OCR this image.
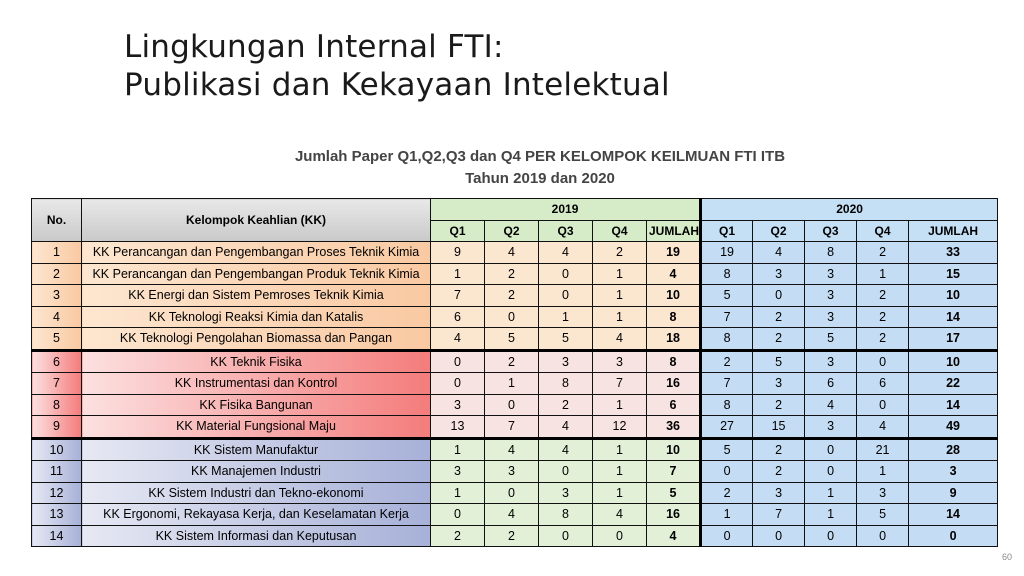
Lingkungan Internal FTI:
Publikasi dan Kekayaan Intelektual
Jumlah Paper Q1,Q2,Q3 dan Q4 PER KELOMPOK KEILMUAN FTI ITB
Tahun 2019 dan 2020
No.	Kelompok Keahlian (KK)	2019					2020				
		Q1	Q2	Q3	Q4	JUMLAH	Q1	Q2	Q3	Q4	JUMLAH
1	KK Perancangan dan Pengembangan Proses Teknik Kimia	9	4	4	2	19	19	4	8	2	33
2	KK Perancangan dan Pengembangan Produk Teknik Kimia	1	2	0	1	4	8	3	3	1	15
3	KK Energi dan Sistem Pemroses Teknik Kimia	7	2	0	1	10	5	0	3	2	10
4	KK Teknologi Reaksi Kimia dan Katalis	6	0	1	1	8	7	2	3	2	14
5	KK Teknologi Pengolahan Biomassa dan Pangan	4	5	5	4	18	8	2	5	2	17
6	KK Teknik Fisika	0	2	3	3	8	2	5	3	0	10
7	KK Instrumentasi dan Kontrol	0	1	8	7	16	7	3	6	6	22
8	KK Fisika Bangunan	3	0	2	1	6	8	2	4	0	14
9	KK Material Fungsional Maju	13	7	4	12	36	27	15	3	4	49
10	KK Sistem Manufaktur	1	4	4	1	10	5	2	0	21	28
11	KK Manajemen Industri	3	3	0	1	7	0	2	0	1	3
12	KK Sistem Industri dan Tekno-ekonomi	1	0	3	1	5	2	3	1	3	9
13	KK Ergonomi, Rekayasa Kerja, dan Keselamatan Kerja	0	4	8	4	16	1	7	1	5	14
14	KK Sistem Informasi dan Keputusan	2	2	0	0	4	0	0	0	0	0
60
